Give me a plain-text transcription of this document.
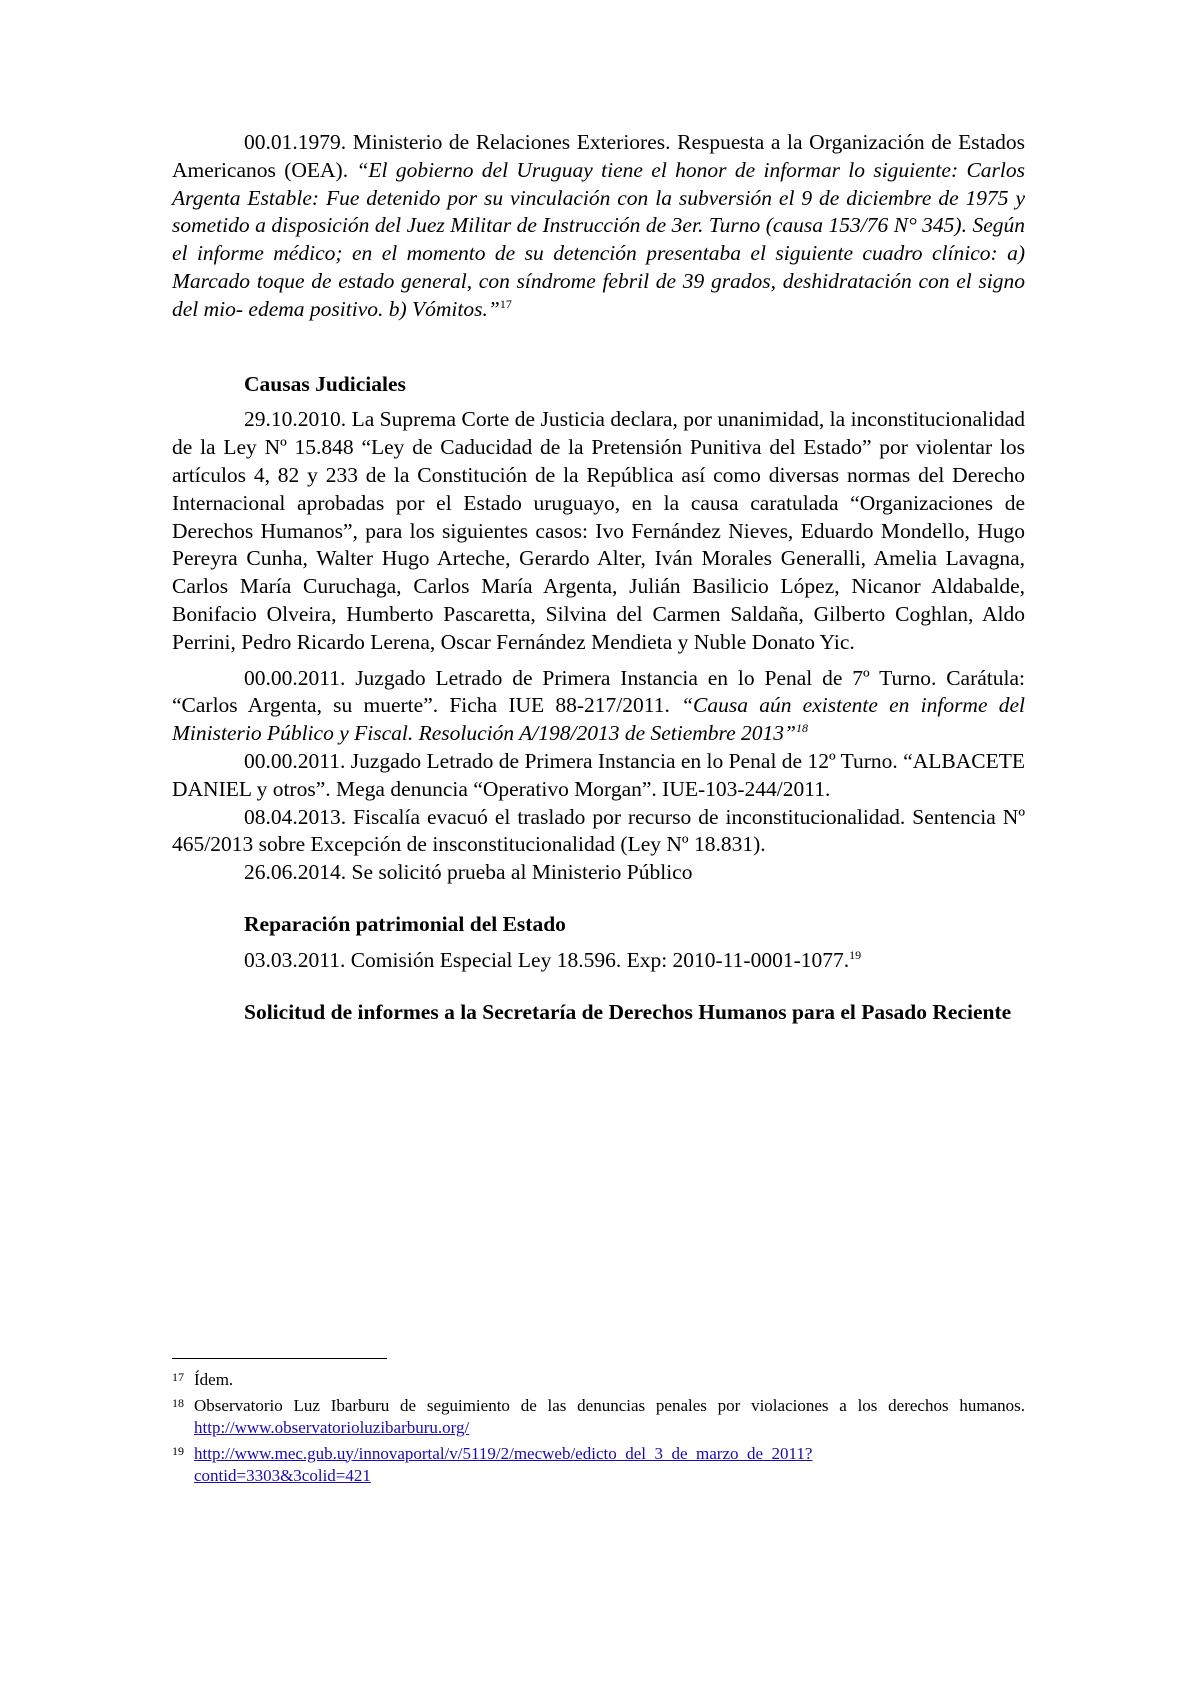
00.01.1979. Ministerio de Relaciones Exteriores. Respuesta a la Organización de Estados Americanos (OEA). “El gobierno del Uruguay tiene el honor de informar lo siguiente: Carlos Argenta Estable: Fue detenido por su vinculación con la subversión el 9 de diciembre de 1975 y sometido a disposición del Juez Militar de Instrucción de 3er. Turno (causa 153/76 N° 345). Según el informe médico; en el momento de su detención presentaba el siguiente cuadro clínico: a) Marcado toque de estado general, con síndrome febril de 39 grados, deshidratación con el signo del mio- edema positivo. b) Vómitos.”$^{17}$

Causas Judiciales

29.10.2010. La Suprema Corte de Justicia declara, por unanimidad, la inconstitucionalidad de la Ley Nº 15.848 “Ley de Caducidad de la Pretensión Punitiva del Estado” por violentar los artículos 4, 82 y 233 de la Constitución de la República así como diversas normas del Derecho Internacional aprobadas por el Estado uruguayo, en la causa caratulada “Organizaciones de Derechos Humanos”, para los siguientes casos: Ivo Fernández Nieves, Eduardo Mondello, Hugo Pereyra Cunha, Walter Hugo Arteche, Gerardo Alter, Iván Morales Generalli, Amelia Lavagna, Carlos María Curuchaga, Carlos María Argenta, Julián Basilicio López, Nicanor Aldabalde, Bonifacio Olveira, Humberto Pascaretta, Silvina del Carmen Saldaña, Gilberto Coghlan, Aldo Perrini, Pedro Ricardo Lerena, Oscar Fernández Mendieta y Nuble Donato Yic.

00.00.2011. Juzgado Letrado de Primera Instancia en lo Penal de 7º Turno. Carátula: “Carlos Argenta, su muerte”. Ficha IUE 88-217/2011. “Causa aún existente en informe del Ministerio Público y Fiscal. Resolución A/198/2013 de Setiembre 2013”$^{18}$

00.00.2011. Juzgado Letrado de Primera Instancia en lo Penal de 12º Turno. “ALBACETE DANIEL y otros”. Mega denuncia “Operativo Morgan”. IUE-103-244/2011.

08.04.2013. Fiscalía evacuó el traslado por recurso de inconstitucionalidad. Sentencia Nº 465/2013 sobre Excepción de insconstitucionalidad (Ley Nº 18.831).

26.06.2014. Se solicitó prueba al Ministerio Público

Reparación patrimonial del Estado

03.03.2011. Comisión Especial Ley 18.596. Exp: 2010-11-0001-1077.19

Solicitud de informes a la Secretaría de Derechos Humanos para el Pasado Reciente

17 Ídem.
18 Observatorio Luz Ibarburu de seguimiento de las denuncias penales por violaciones a los derechos humanos. http://www.observatorioluzibarburu.org/
19 http://www.mec.gub.uy/innovaportal/v/5119/2/mecweb/edicto_del_3_de_marzo_de_2011?
contid=3303&3colid=421
